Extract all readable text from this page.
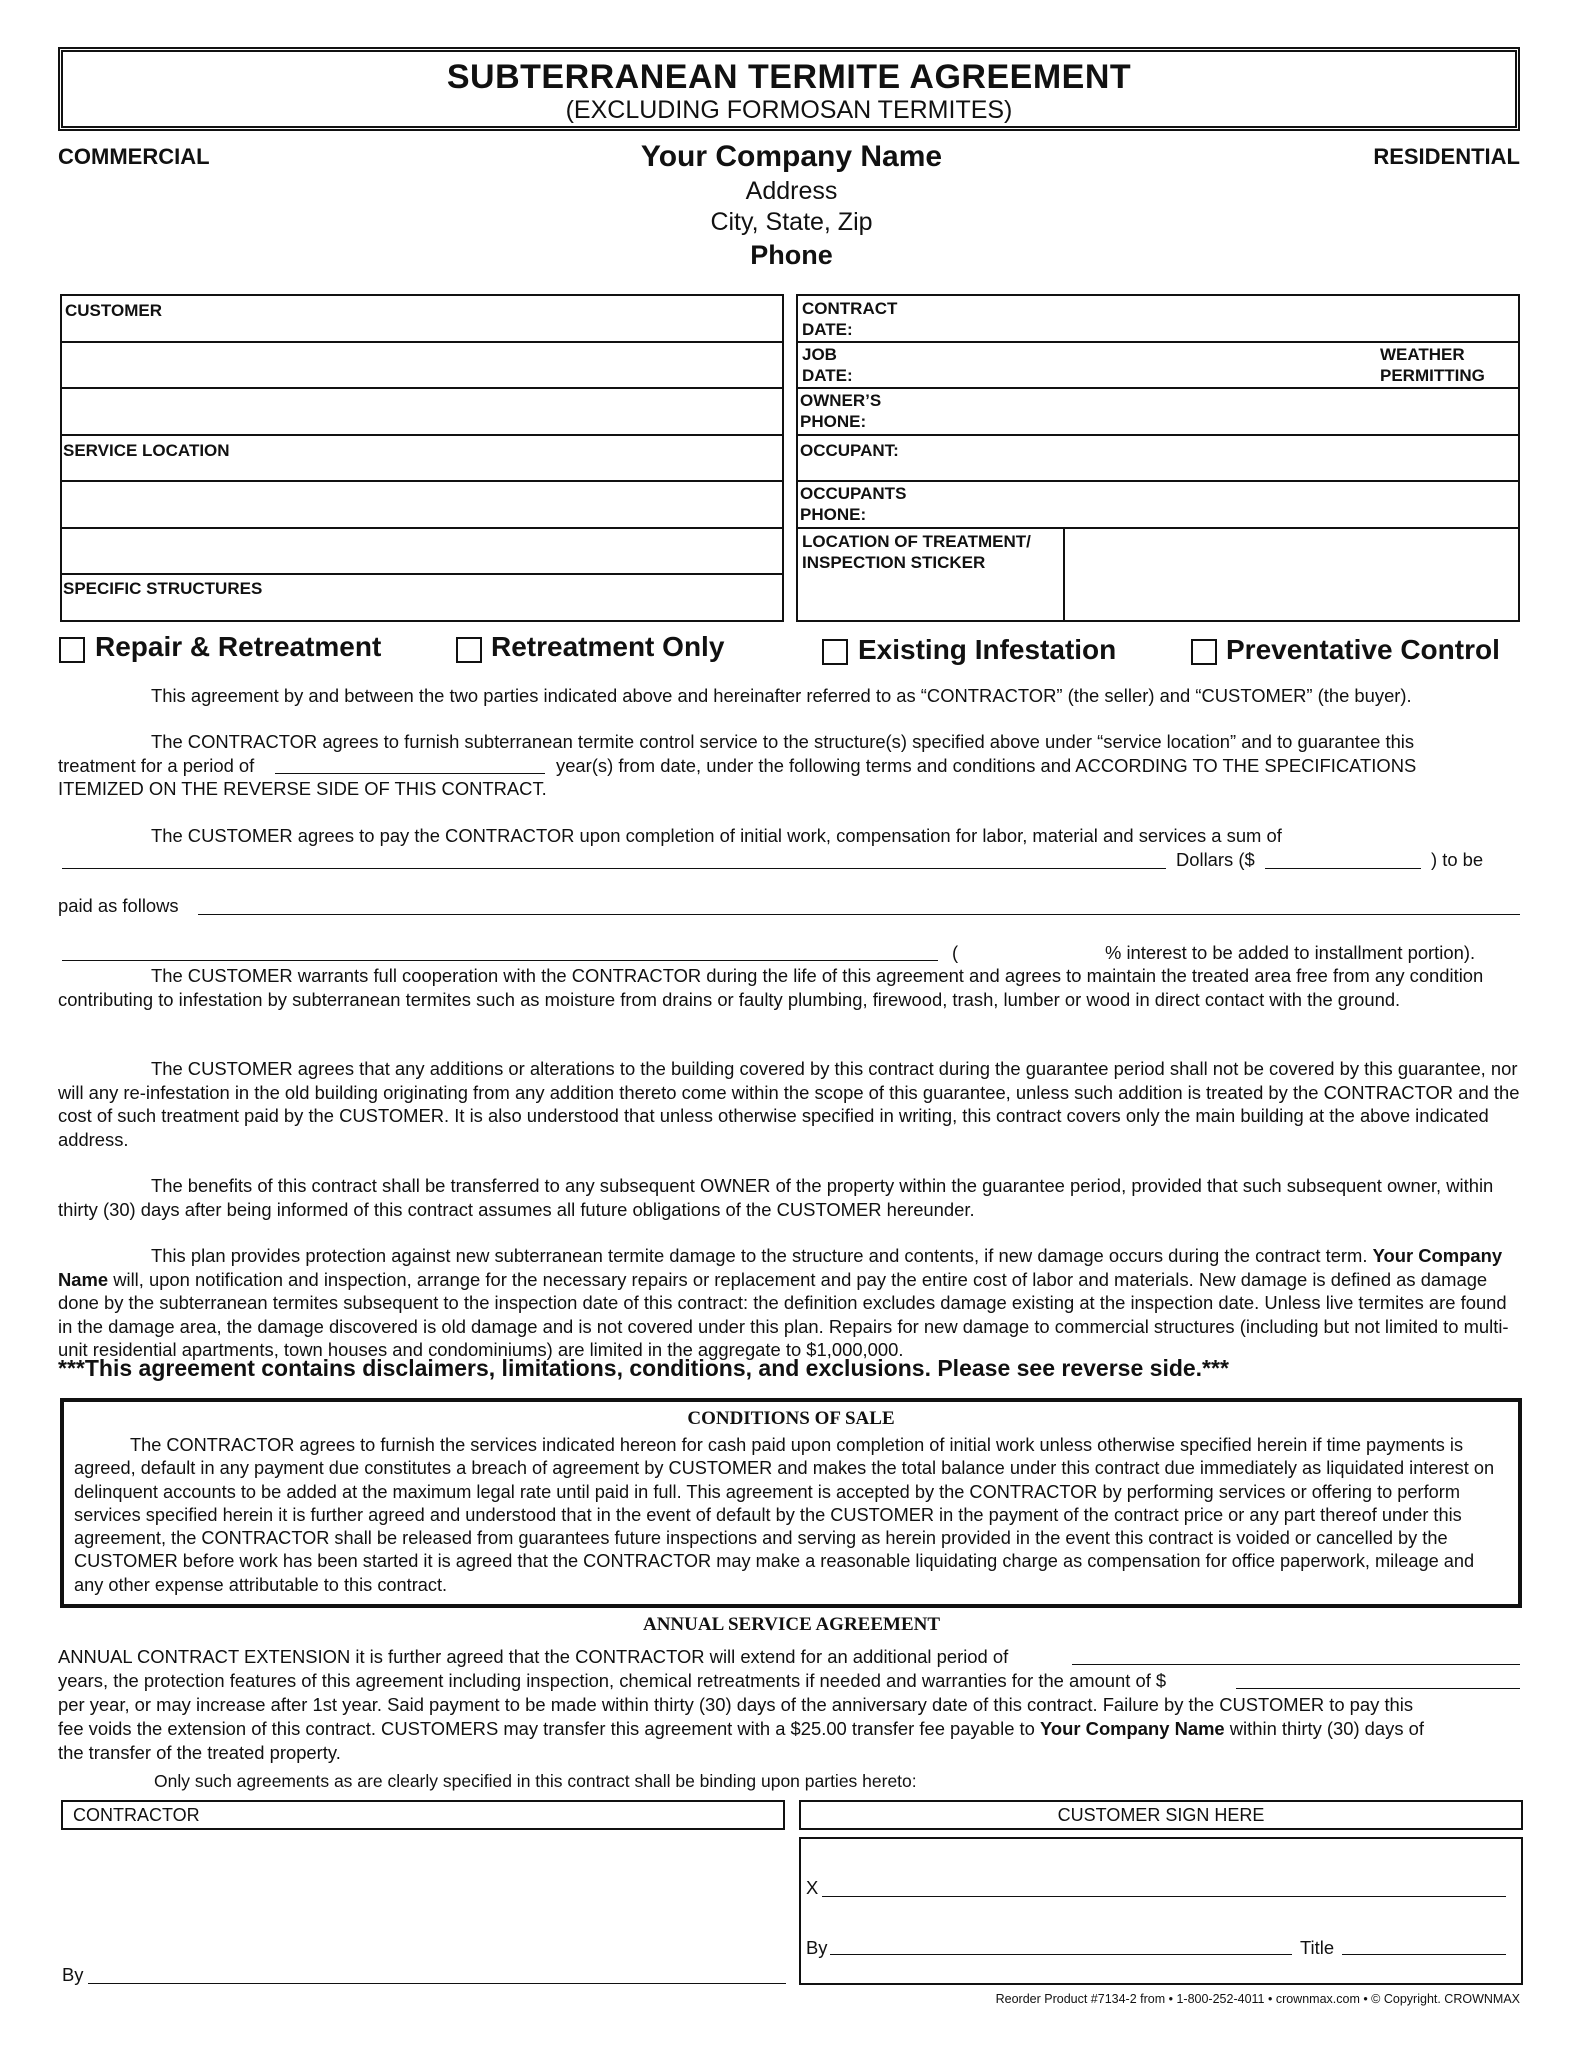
SUBTERRANEAN TERMITE AGREEMENT
(EXCLUDING FORMOSAN TERMITES)
COMMERCIAL	RESIDENTIAL
Your Company Name
Address
City, State, Zip
Phone
CUSTOMER
SERVICE LOCATION
SPECIFIC STRUCTURES
CONTRACT
DATE:
JOB
DATE:
WEATHER
PERMITTING
OWNER’S
PHONE:
OCCUPANT:
OCCUPANTS
PHONE:
LOCATION OF TREATMENT/
INSPECTION STICKER
Repair & Retreatment	Retreatment Only	Existing Infestation	Preventative Control
This agreement by and between the two parties indicated above and hereinafter referred to as “CONTRACTOR” (the seller) and “CUSTOMER” (the buyer).
The CONTRACTOR agrees to furnish subterranean termite control service to the structure(s) specified above under “service location” and to guarantee this
treatment for a period of	year(s) from date, under the following terms and conditions and ACCORDING TO THE SPECIFICATIONS
ITEMIZED ON THE REVERSE SIDE OF THIS CONTRACT.
The CUSTOMER agrees to pay the CONTRACTOR upon completion of initial work, compensation for labor, material and services a sum of
Dollars ($	) to be
paid as follows
(	% interest to be added to installment portion).
The CUSTOMER warrants full cooperation with the CONTRACTOR during the life of this agreement and agrees to maintain the treated area free from any condition contributing to infestation by subterranean termites such as moisture from drains or faulty plumbing, firewood, trash, lumber or wood in direct contact with the ground.
The CUSTOMER agrees that any additions or alterations to the building covered by this contract during the guarantee period shall not be covered by this guarantee, nor will any re-infestation in the old building originating from any addition thereto come within the scope of this guarantee, unless such addition is treated by the CONTRACTOR and the cost of such treatment paid by the CUSTOMER. It is also understood that unless otherwise specified in writing, this contract covers only the main building at the above indicated address.
The benefits of this contract shall be transferred to any subsequent OWNER of the property within the guarantee period, provided that such subsequent owner, within thirty (30) days after being informed of this contract assumes all future obligations of the CUSTOMER hereunder.
This plan provides protection against new subterranean termite damage to the structure and contents, if new damage occurs during the contract term. Your Company Name will, upon notification and inspection, arrange for the necessary repairs or replacement and pay the entire cost of labor and materials. New damage is defined as damage done by the subterranean termites subsequent to the inspection date of this contract: the definition excludes damage existing at the inspection date. Unless live termites are found in the damage area, the damage discovered is old damage and is not covered under this plan. Repairs for new damage to commercial structures (including but not limited to multi-unit residential apartments, town houses and condominiums) are limited in the aggregate to $1,000,000.
***This agreement contains disclaimers, limitations, conditions, and exclusions. Please see reverse side.***
CONDITIONS OF SALE
The CONTRACTOR agrees to furnish the services indicated hereon for cash paid upon completion of initial work unless otherwise specified herein if time payments is agreed, default in any payment due constitutes a breach of agreement by CUSTOMER and makes the total balance under this contract due immediately as liquidated interest on delinquent accounts to be added at the maximum legal rate until paid in full. This agreement is accepted by the CONTRACTOR by performing services or offering to perform services specified herein it is further agreed and understood that in the event of default by the CUSTOMER in the payment of the contract price or any part thereof under this agreement, the CONTRACTOR shall be released from guarantees future inspections and serving as herein provided in the event this contract is voided or cancelled by the CUSTOMER before work has been started it is agreed that the CONTRACTOR may make a reasonable liquidating charge as compensation for office paperwork, mileage and any other expense attributable to this contract.
ANNUAL SERVICE AGREEMENT
ANNUAL CONTRACT EXTENSION it is further agreed that the CONTRACTOR will extend for an additional period of
years, the protection features of this agreement including inspection, chemical retreatments if needed and warranties for the amount of $
per year, or may increase after 1st year. Said payment to be made within thirty (30) days of the anniversary date of this contract. Failure by the CUSTOMER to pay this
fee voids the extension of this contract. CUSTOMERS may transfer this agreement with a $25.00 transfer fee payable to Your Company Name within thirty (30) days of
the transfer of the treated property.
Only such agreements as are clearly specified in this contract shall be binding upon parties hereto:
CONTRACTOR
By
CUSTOMER SIGN HERE
X
By	Title
Reorder Product #7134-2 from • 1-800-252-4011 • crownmax.com • © Copyright. CROWNMAX
